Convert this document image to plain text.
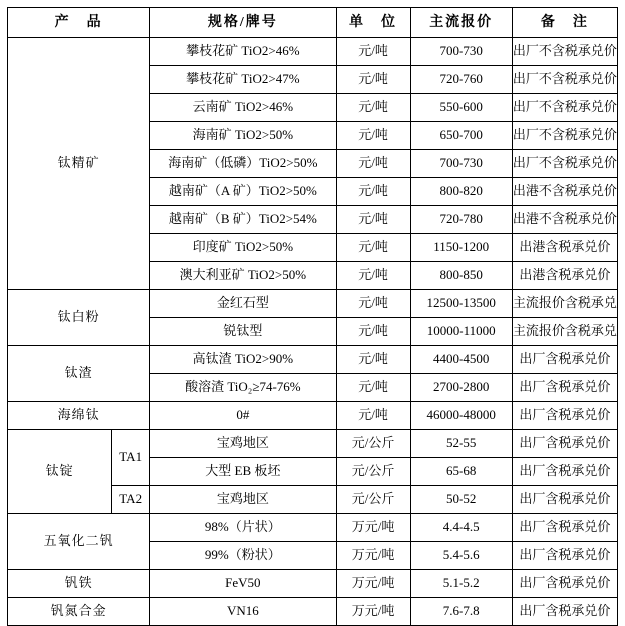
产　品		规格/牌号	单　位	主流报价	备　注
钛精矿		攀枝花矿 TiO2>46%	元/吨	700-730	出厂不含税承兑价
		攀枝花矿 TiO2>47%	元/吨	720-760	出厂不含税承兑价
		云南矿 TiO2>46%	元/吨	550-600	出厂不含税承兑价
		海南矿 TiO2>50%	元/吨	650-700	出厂不含税承兑价
		海南矿（低磷）TiO2>50%	元/吨	700-730	出厂不含税承兑价
		越南矿（A 矿）TiO2>50%	元/吨	800-820	出港不含税承兑价
		越南矿（B 矿）TiO2>54%	元/吨	720-780	出港不含税承兑价
		印度矿 TiO2>50%	元/吨	1150-1200	出港含税承兑价
		澳大利亚矿 TiO2>50%	元/吨	800-850	出港含税承兑价
钛白粉		金红石型	元/吨	12500-13500	主流报价含税承兑
		锐钛型	元/吨	10000-11000	主流报价含税承兑
钛渣		高钛渣 TiO2>90%	元/吨	4400-4500	出厂含税承兑价
		酸溶渣 TiO₂≥74-76%	元/吨	2700-2800	出厂含税承兑价
海绵钛		0#	元/吨	46000-48000	出厂含税承兑价
钛锭	TA1	宝鸡地区	元/公斤	52-55	出厂含税承兑价
		大型 EB 板坯	元/公斤	65-68	出厂含税承兑价
	TA2	宝鸡地区	元/公斤	50-52	出厂含税承兑价
五氧化二钒		98%（片状）	万元/吨	4.4-4.5	出厂含税承兑价
		99%（粉状）	万元/吨	5.4-5.6	出厂含税承兑价
钒铁		FeV50	万元/吨	5.1-5.2	出厂含税承兑价
钒氮合金		VN16	万元/吨	7.6-7.8	出厂含税承兑价
